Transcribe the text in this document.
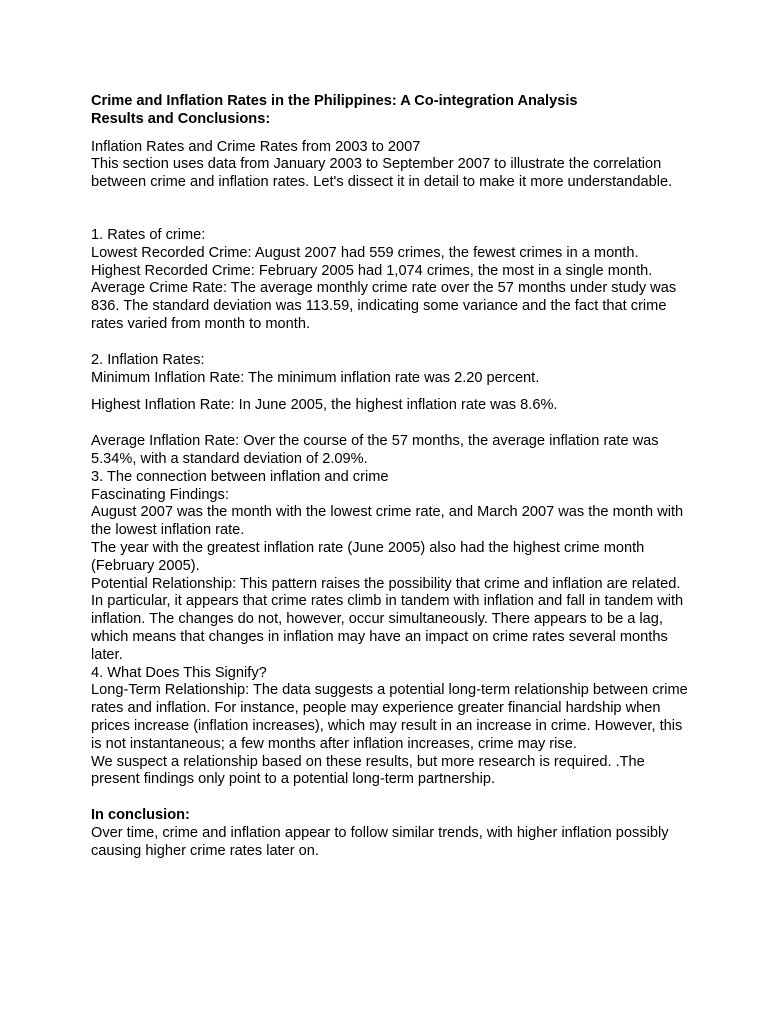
Crime and Inflation Rates in the Philippines: A Co-integration Analysis

Results and Conclusions:

Inflation Rates and Crime Rates from 2003 to 2007

This section uses data from January 2003 to September 2007 to illustrate the correlation between crime and inflation rates. Let's dissect it in detail to make it more understandable.

1. Rates of crime:

Lowest Recorded Crime: August 2007 had 559 crimes, the fewest crimes in a month.

Highest Recorded Crime: February 2005 had 1,074 crimes, the most in a single month.

Average Crime Rate: The average monthly crime rate over the 57 months under study was 836. The standard deviation was 113.59, indicating some variance and the fact that crime rates varied from month to month.

2. Inflation Rates:

Minimum Inflation Rate: The minimum inflation rate was 2.20 percent.

Highest Inflation Rate: In June 2005, the highest inflation rate was 8.6%.

Average Inflation Rate: Over the course of the 57 months, the average inflation rate was 5.34%, with a standard deviation of 2.09%.

3. The connection between inflation and crime

Fascinating Findings:

August 2007 was the month with the lowest crime rate, and March 2007 was the month with the lowest inflation rate.

The year with the greatest inflation rate (June 2005) also had the highest crime month (February 2005).

Potential Relationship: This pattern raises the possibility that crime and inflation are related. In particular, it appears that crime rates climb in tandem with inflation and fall in tandem with inflation. The changes do not, however, occur simultaneously. There appears to be a lag, which means that changes in inflation may have an impact on crime rates several months later.

4. What Does This Signify?

Long-Term Relationship: The data suggests a potential long-term relationship between crime rates and inflation. For instance, people may experience greater financial hardship when prices increase (inflation increases), which may result in an increase in crime. However, this is not instantaneous; a few months after inflation increases, crime may rise.

We suspect a relationship based on these results, but more research is required. .The present findings only point to a potential long-term partnership.

In conclusion:

Over time, crime and inflation appear to follow similar trends, with higher inflation possibly causing higher crime rates later on.
